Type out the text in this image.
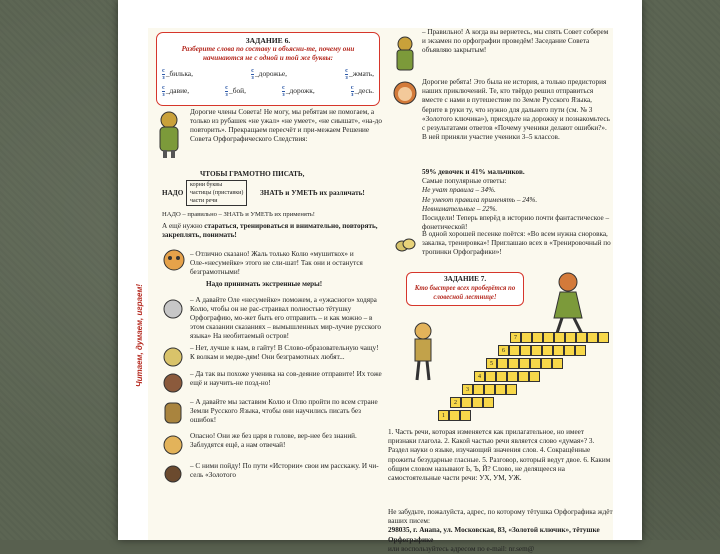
ЗАДАНИЕ 6.

Разберите слова по составу и объясни-те, почему они начинаются не с одной и той же буквы:

$\frac{с}{з}\_билька$,	$\frac{с}{з}\_дорожье$,	$\frac{с}{з}\_жмать$,
$\frac{с}{з}\_давие$,	$\frac{с}{з}\_бой$,	$\frac{с}{з}\_дорожк$,	$\frac{с}{з}\_десь$.

Дорогие члены Совета! Не могу, мы ребятам не помогаем, а только из рубашек «не ужал» «не умеет», «не сиышат», «на-до повторить». Прекращаем пересчёт и при-межаем Решение

Совета Орфографического Следствия:

ЧТОБЫ ГРАМОТНО ПИСАТЬ,

НАДО

корни буквы

частицы (приставки)

части речи

ЗНАТЬ и УМЕТЬ их различать!

НАДО – правильно – ЗНАТЬ и УМЕТЬ их применять!

А ещё нужно стараться, тренироваться и внимательно, повторять, закреплять, понимать!

– Отлично сказано! Жаль только Колю «мушиткох» и Оле-«несумейке» этого не сли-шат! Так они и останутся безграмотными!

Надо принимать экстренные меры!

– А давайте Оле «несумейке» поможем, а «ужасного» ходяра Колю, чтобы он не рас-страивал полностью тётушку Орфографию, мо-жет быть его отправить – и как можно – в этом сказании сказаниях – вымышленных мир-лучие русского языка» На необитаемый остров!

– Нет, лучше к нам, в гайту! В Слово-образовательную чащу! К волкам и медве-дям! Они безграмотных любят...

– Да так вы похоже ученика на сов-деяние отправите! Их тоже ещё и научить-не позд-но!

– А давайте мы заставим Колю и Олю пройти по всем стране Земли Русского Языка, чтобы они научились писать без ошибок!

Опасно! Они же без царя в голове, вер-нее без знаний. Заблудятся ещё, а нам отвечай!

– С ними пойду! По пути «Истории» свои им расскажу. И чи-сель «Золотого

– Правильно! А когда вы вернетесь, мы спять Совет соберем и экзамен по орфографии проведём! Заседание Совета объявляю закрытым!

Дорогие ребята! Это была не история, а только предистория наших приключений. Те, кто твёрдо решил отправиться вместе с нами в путешествие по Земле Русского Языка, берите в руки ту, что нужно для дальнего пути (см. № 3 «Золотого ключика»), присядьте на дорожку и познакомьтесь с результатами ответов «Почему ученики делают ошибки?». В ней приняли участие ученики 3–5 классов.

59% девочек и 41% мальчиков.

Самые популярные ответы:

Не учат правила – 34%.

Не умеют правила применять – 24%.

Невнимательные – 22%.

Посидели! Теперь вперёд в историю почти фантастическое – фонетической!

В одной хорошей песенке поётся: «Во всем нужна сноровка, закалка, тренировка»! Приглашаю всех в «Тренировочный по тропинки Орфографики»!

ЗАДАНИЕ 7.

Кто быстрее всех проберётся по словесной лестнице!

1
2
3
4
5
6
7

1. Часть речи, которая изменяется как прилагательное, но имеет признаки глагола. 2. Какой частью речи является слово «думая»? 3. Раздел науки о языке, изучающий значения слов. 4. Сокращённые прожиты безударные гласные. 5. Разговор, который ведут двое. 6. Каким общим словом называют Ь, Ъ, Й? Слово, не делящееся на самостоятельные части речи: УХ, УМ, УЖ.

Не забудьте, пожалуйста, адрес, по которому тётушка Орфографика ждёт ваших писем:

298035, г. Анапа, ул. Московская, 83, «Золотой ключик», тётушке Орфографике

или воспользуйтесь адресом по e-mail: nr.sem@

Читаем, думаем, играем!
